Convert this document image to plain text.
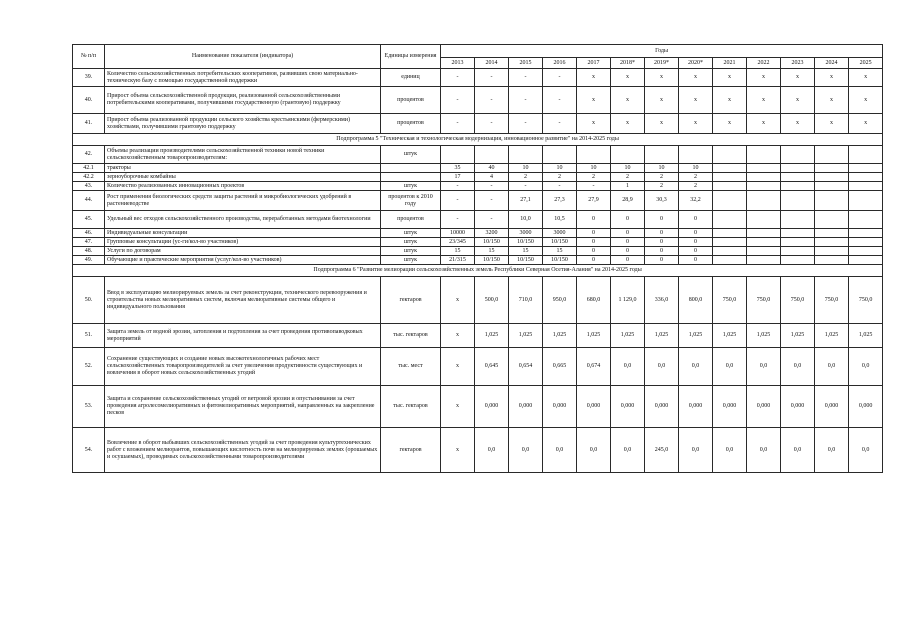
№ п/п	Наименование показателя (индикатора)	Единицы измерения	Годы												
			2013	2014	2015	2016	2017	2018*	2019*	2020*	2021	2022	2023	2024	2025
39.	Количество сельскохозяйственных потребительских кооперативов, развивших свою материально-техническую базу с помощью государственной поддержки	единиц	-	-	-	-	x	x	x	x	x	x	x	x	x
40.	Прирост объема сельскохозяйственной продукции, реализованной сельскохозяйственными потребительскими кооперативами, получившими государственную (грантовую) поддержку	процентов	-	-	-	-	x	x	x	x	x	x	x	x	x
41.	Прирост объема реализованной продукции сельского хозяйства крестьянскими (фермерскими) хозяйствами, получившими грантовую поддержку	процентов	-	-	-	-	x	x	x	x	x	x	x	x	x
Подпрограмма 5 "Техническая и технологическая модернизация, инновационное развитие" на 2014-2025 годы															
42.	Объемы реализации производителями сельскохозяйственной техники новой техники сельскохозяйственным товаропроизводителям:	штук													
42.1	тракторы		35	40	10	10	10	10	10	10					
42.2	зерноуборочные комбайны		17	4	2	2	2	2	2	2					
43.	Количество реализованных инновационных проектов	штук	-	-	-	-	-	1	2	2					
44.	Рост применения биологических средств защиты растений и микробиологических удобрений в растениеводстве	процентов к 2010 году	-	-	27,1	27,3	27,9	28,9	30,3	32,2					
45.	Удельный вес отходов сельскохозяйственного производства, переработанных методами биотехнологии	процентов	-	-	10,0	10,5	0	0	0	0					
46.	Индивидуальные консультации	штук	10000	3200	3000	3000	0	0	0	0					
47.	Групповые консультации (ус-ги/кол-во участников)	штук	23/345	10/150	10/150	10/150	0	0	0	0					
48.	Услуги по договорам	штук	15	15	15	15	0	0	0	0					
49.	Обучающие и практические мероприятия (услуг/кол-во участников)	штук	21/315	10/150	10/150	10/150	0	0	0	0					
Подпрограмма 6 "Развитие мелиорации сельскохозяйственных земель Республики Северная Осетия-Алания" на 2014-2025 годы															
50.	Ввод в эксплуатацию мелиорируемых земель за счет реконструкции, технического перевооружения и строительства новых мелиоративных систем, включая мелиоративные системы общего и индивидуального пользования	гектаров	x	500,0	710,0	950,0	680,0	1 129,0	336,0	800,0	750,0	750,0	750,0	750,0	750,0
51.	Защита земель от водной эрозии, затопления и подтопления за счет проведения противопаводковых мероприятий	тыс. гектаров	x	1,025	1,025	1,025	1,025	1,025	1,025	1,025	1,025	1,025	1,025	1,025	1,025
52.	Сохранение существующих и создание новых высокотехнологичных рабочих мест сельскохозяйственных товаропроизводителей за счет увеличения продуктивности существующих и вовлечения в оборот новых сельскохозяйственных угодий	тыс. мест	x	0,645	0,654	0,665	0,674	0,0	0,0	0,0	0,0	0,0	0,0	0,0	0,0
53.	Защита и сохранение сельскохозяйственных угодий от ветровой эрозии и опустынивания за счет проведения агролесомелиоративных и фитомелиоративных мероприятий, направленных на закрепление песков	тыс. гектаров	x	0,000	0,000	0,000	0,000	0,000	0,000	0,000	0,000	0,000	0,000	0,000	0,000
54.	Вовлечение в оборот выбывших сельскохозяйственных угодий за счет проведения культуртехнических работ с вложением мелиорантов, повышающих кислотность почв на мелиорируемых землях (орошаемых и осушаемых), проводимых сельскохозяйственными товаропроизводителями	гектаров	x	0,0	0,0	0,0	0,0	0,0	245,0	0,0	0,0	0,0	0,0	0,0	0,0
